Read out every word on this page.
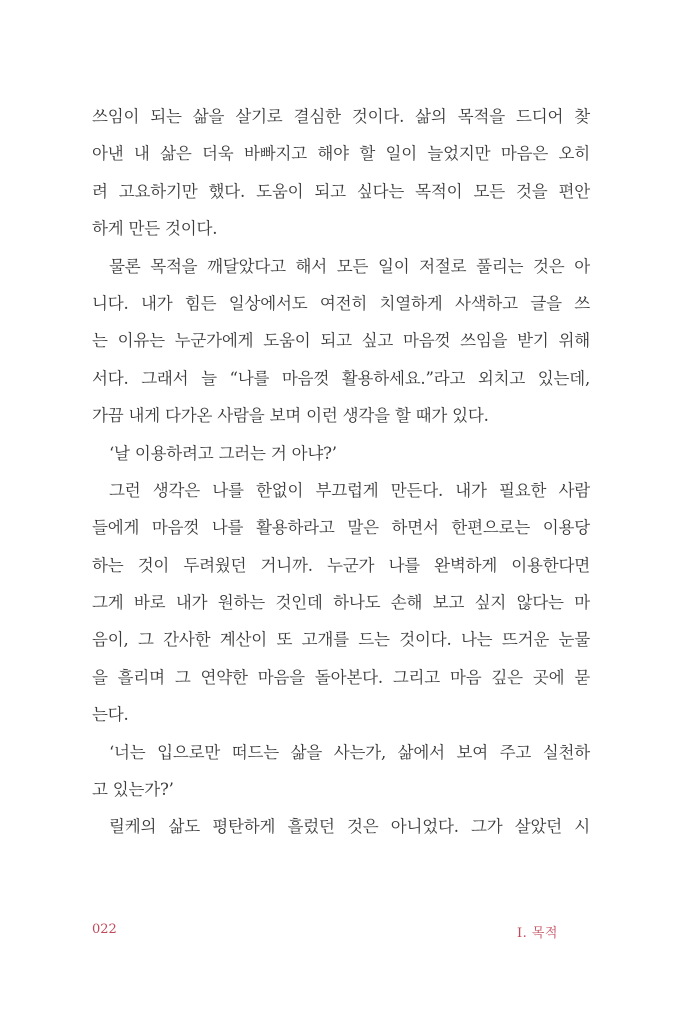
쓰임이 되는 삶을 살기로 결심한 것이다. 삶의 목적을 드디어 찾
아낸 내 삶은 더욱 바빠지고 해야 할 일이 늘었지만 마음은 오히
려 고요하기만 했다. 도움이 되고 싶다는 목적이 모든 것을 편안
하게 만든 것이다.
물론 목적을 깨달았다고 해서 모든 일이 저절로 풀리는 것은 아
니다. 내가 힘든 일상에서도 여전히 치열하게 사색하고 글을 쓰
는 이유는 누군가에게 도움이 되고 싶고 마음껏 쓰임을 받기 위해
서다. 그래서 늘 “나를 마음껏 활용하세요.”라고 외치고 있는데,
가끔 내게 다가온 사람을 보며 이런 생각을 할 때가 있다.
‘날 이용하려고 그러는 거 아냐?’
그런 생각은 나를 한없이 부끄럽게 만든다. 내가 필요한 사람
들에게 마음껏 나를 활용하라고 말은 하면서 한편으로는 이용당
하는 것이 두려웠던 거니까. 누군가 나를 완벽하게 이용한다면
그게 바로 내가 원하는 것인데 하나도 손해 보고 싶지 않다는 마
음이, 그 간사한 계산이 또 고개를 드는 것이다. 나는 뜨거운 눈물
을 흘리며 그 연약한 마음을 돌아본다. 그리고 마음 깊은 곳에 묻
는다.
‘너는 입으로만 떠드는 삶을 사는가, 삶에서 보여 주고 실천하
고 있는가?’
릴케의 삶도 평탄하게 흘렀던 것은 아니었다. 그가 살았던 시
022	Ⅰ. 목적
